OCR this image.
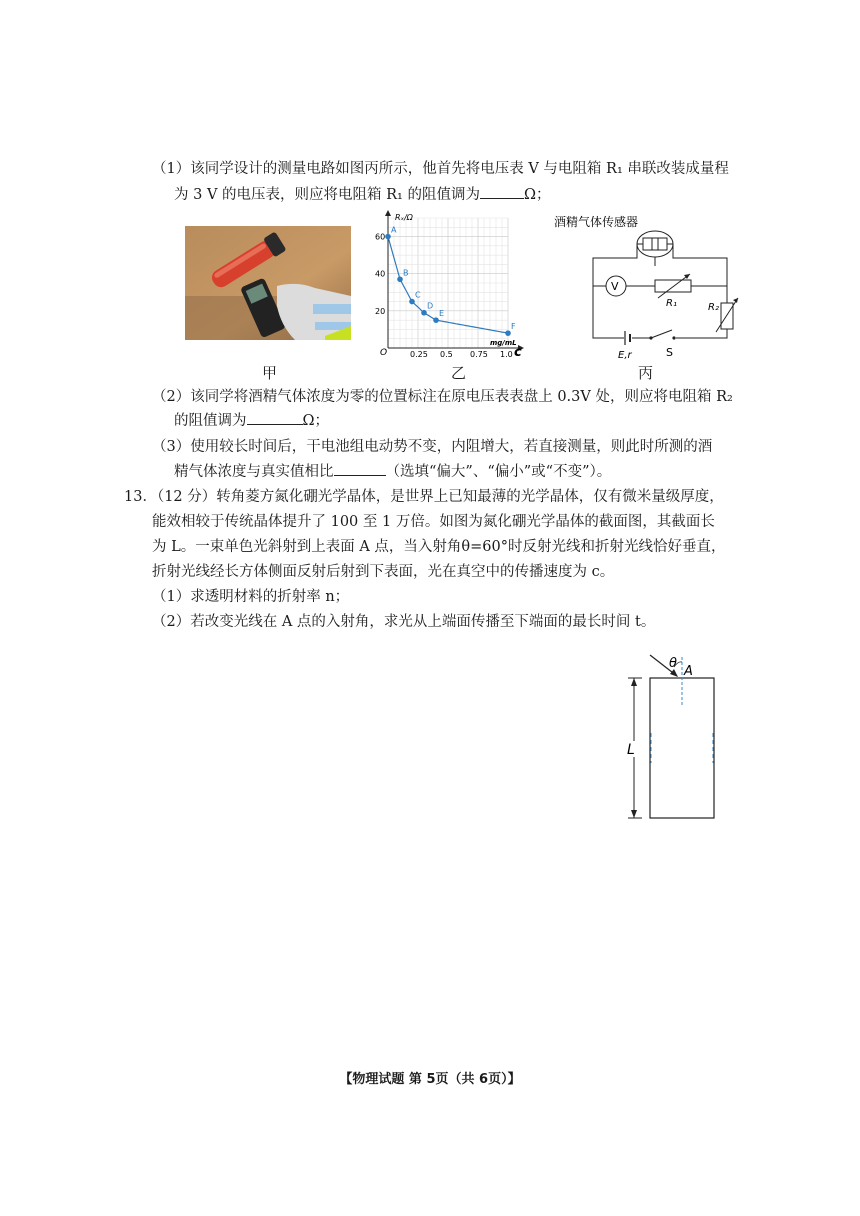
（1）该同学设计的测量电路如图丙所示，他首先将电压表 V 与电阻箱 R₁ 串联改装成量程
为 3 V 的电压表，则应将电阻箱 R₁ 的阻值调为	Ω；
甲
Rₓ/Ω
O
mg/mL
c
0.25 0.5 0.75 1.0
20
40
60
A
B
C
D
E
F
乙
酒精气体传感器
V
R₁	R₂
E,r	S
丙
（2）该同学将酒精气体浓度为零的位置标注在原电压表表盘上 0.3V 处，则应将电阻箱 R₂
的阻值调为	Ω；
（3）使用较长时间后，干电池组电动势不变，内阻增大，若直接测量，则此时所测的酒
精气体浓度与真实值相比	（选填“偏大”、“偏小”或“不变”）。
13．（12 分）转角菱方氮化硼光学晶体，是世界上已知最薄的光学晶体，仅有微米量级厚度，
能效相较于传统晶体提升了 100 至 1 万倍。如图为氮化硼光学晶体的截面图，其截面长
为 L。一束单色光斜射到上表面 A 点，当入射角θ=60°时反射光线和折射光线恰好垂直，
折射光线经长方体侧面反射后射到下表面，光在真空中的传播速度为 c。
（1）求透明材料的折射率 n；
（2）若改变光线在 A 点的入射角，求光从上端面传播至下端面的最长时间 t。
θ
A
L
【物理试题 第 5页（共 6页）】
